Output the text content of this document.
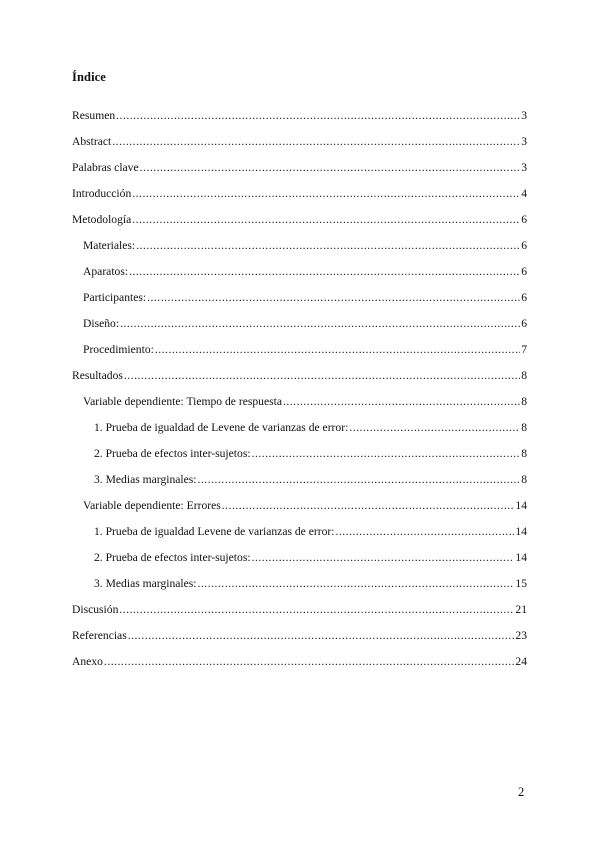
Índice
Resumen .....	3
Abstract .....	3
Palabras clave .....	3
Introducción .....	4
Metodología .....	6
Materiales: .....	6
Aparatos: .....	6
Participantes: .....	6
Diseño: .....	6
Procedimiento: .....	7
Resultados .....	8
Variable dependiente: Tiempo de respuesta .....	8
1. Prueba de igualdad de Levene de varianzas de error: .....	8
2. Prueba de efectos inter-sujetos: .....	8
3. Medias marginales: .....	8
Variable dependiente: Errores .....	14
1. Prueba de igualdad Levene de varianzas de error: .....	14
2. Prueba de efectos inter-sujetos: .....	14
3. Medias marginales: .....	15
Discusión .....	21
Referencias .....	23
Anexo .....	24
2
